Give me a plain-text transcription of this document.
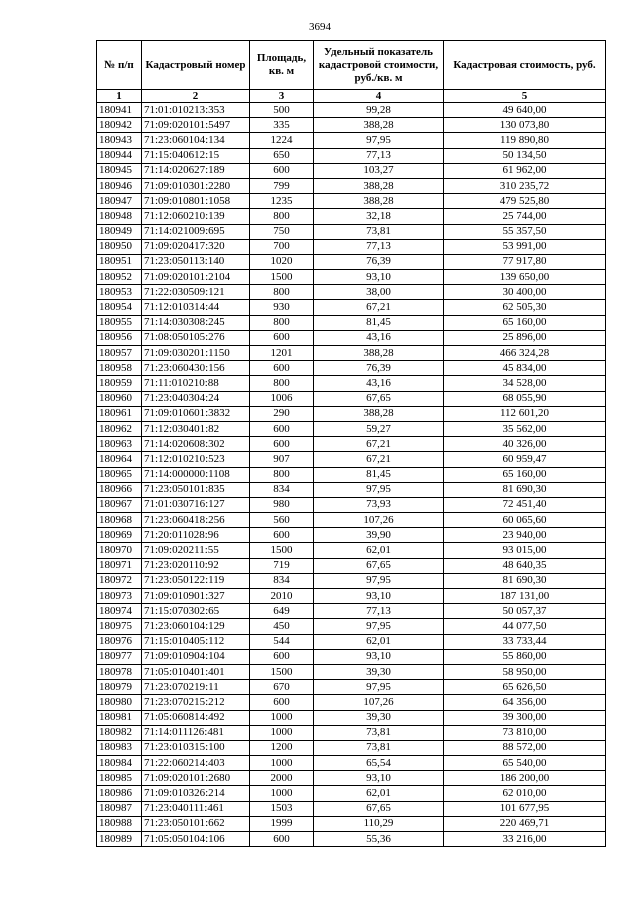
3694
№ п/п	Кадастровый номер	Площадь, кв. м	Удельный показатель кадастровой стоимости, руб./кв. м	Кадастровая стоимость, руб.
1	2	3	4	5
180941	71:01:010213:353	500	99,28	49 640,00
180942	71:09:020101:5497	335	388,28	130 073,80
180943	71:23:060104:134	1224	97,95	119 890,80
180944	71:15:040612:15	650	77,13	50 134,50
180945	71:14:020627:189	600	103,27	61 962,00
180946	71:09:010301:2280	799	388,28	310 235,72
180947	71:09:010801:1058	1235	388,28	479 525,80
180948	71:12:060210:139	800	32,18	25 744,00
180949	71:14:021009:695	750	73,81	55 357,50
180950	71:09:020417:320	700	77,13	53 991,00
180951	71:23:050113:140	1020	76,39	77 917,80
180952	71:09:020101:2104	1500	93,10	139 650,00
180953	71:22:030509:121	800	38,00	30 400,00
180954	71:12:010314:44	930	67,21	62 505,30
180955	71:14:030308:245	800	81,45	65 160,00
180956	71:08:050105:276	600	43,16	25 896,00
180957	71:09:030201:1150	1201	388,28	466 324,28
180958	71:23:060430:156	600	76,39	45 834,00
180959	71:11:010210:88	800	43,16	34 528,00
180960	71:23:040304:24	1006	67,65	68 055,90
180961	71:09:010601:3832	290	388,28	112 601,20
180962	71:12:030401:82	600	59,27	35 562,00
180963	71:14:020608:302	600	67,21	40 326,00
180964	71:12:010210:523	907	67,21	60 959,47
180965	71:14:000000:1108	800	81,45	65 160,00
180966	71:23:050101:835	834	97,95	81 690,30
180967	71:01:030716:127	980	73,93	72 451,40
180968	71:23:060418:256	560	107,26	60 065,60
180969	71:20:011028:96	600	39,90	23 940,00
180970	71:09:020211:55	1500	62,01	93 015,00
180971	71:23:020110:92	719	67,65	48 640,35
180972	71:23:050122:119	834	97,95	81 690,30
180973	71:09:010901:327	2010	93,10	187 131,00
180974	71:15:070302:65	649	77,13	50 057,37
180975	71:23:060104:129	450	97,95	44 077,50
180976	71:15:010405:112	544	62,01	33 733,44
180977	71:09:010904:104	600	93,10	55 860,00
180978	71:05:010401:401	1500	39,30	58 950,00
180979	71:23:070219:11	670	97,95	65 626,50
180980	71:23:070215:212	600	107,26	64 356,00
180981	71:05:060814:492	1000	39,30	39 300,00
180982	71:14:011126:481	1000	73,81	73 810,00
180983	71:23:010315:100	1200	73,81	88 572,00
180984	71:22:060214:403	1000	65,54	65 540,00
180985	71:09:020101:2680	2000	93,10	186 200,00
180986	71:09:010326:214	1000	62,01	62 010,00
180987	71:23:040111:461	1503	67,65	101 677,95
180988	71:23:050101:662	1999	110,29	220 469,71
180989	71:05:050104:106	600	55,36	33 216,00
